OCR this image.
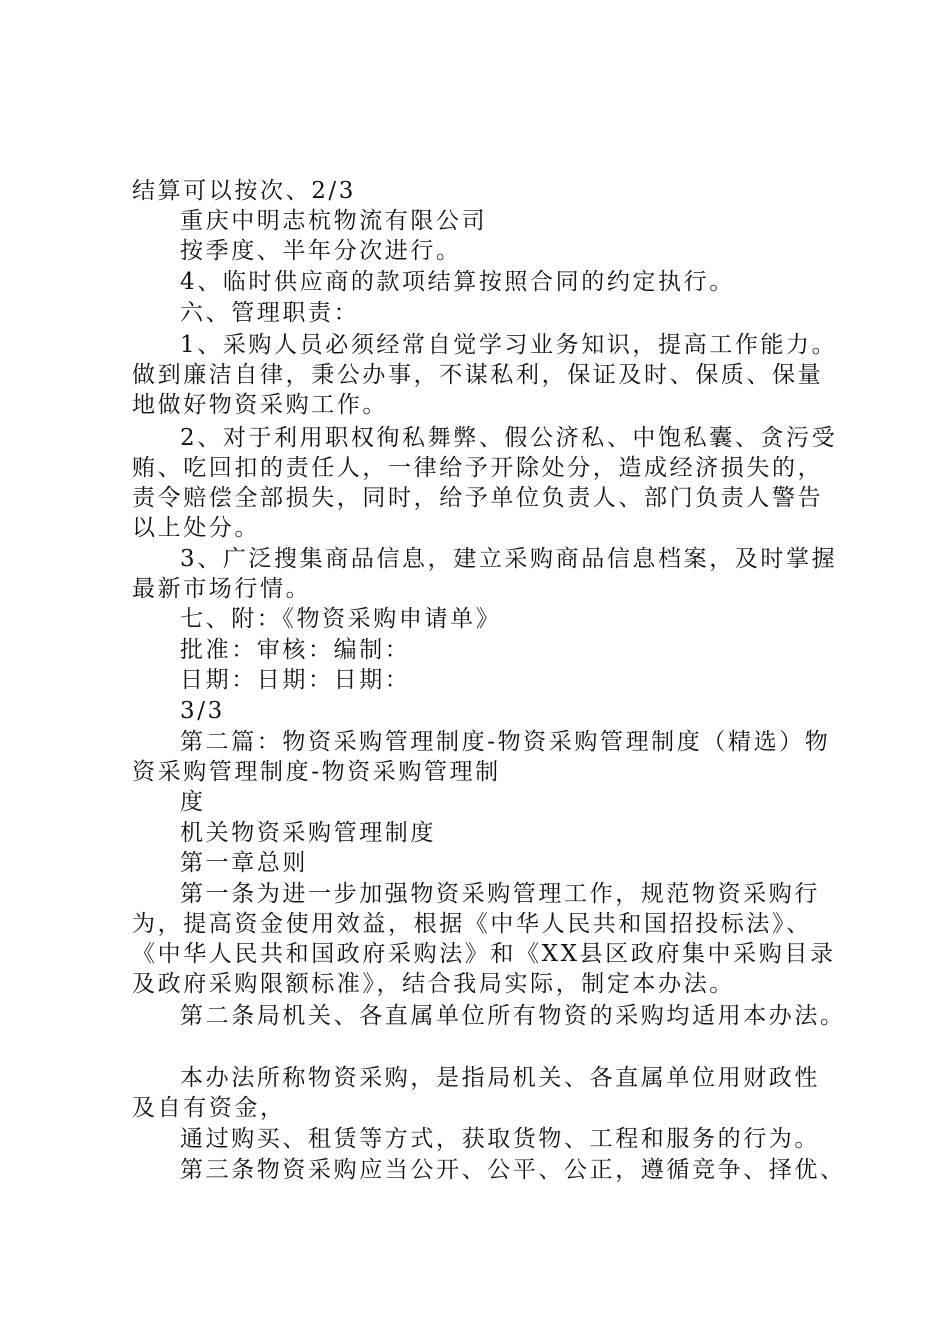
结算可以按次、2/3
重庆中明志杭物流有限公司
按季度、半年分次进行。
4、临时供应商的款项结算按照合同的约定执行。
六、管理职责：
1、采购人员必须经常自觉学习业务知识，提高工作能力。
做到廉洁自律，秉公办事，不谋私利，保证及时、保质、保量
地做好物资采购工作。
2、对于利用职权徇私舞弊、假公济私、中饱私囊、贪污受
贿、吃回扣的责任人，一律给予开除处分，造成经济损失的，
责令赔偿全部损失，同时，给予单位负责人、部门负责人警告
以上处分。
3、广泛搜集商品信息，建立采购商品信息档案，及时掌握
最新市场行情。
七、附：《物资采购申请单》
批准：审核：编制：
日期：日期：日期：
3/3
第二篇：物资采购管理制度-物资采购管理制度（精选）物
资采购管理制度-物资采购管理制
度
机关物资采购管理制度
第一章总则
第一条为进一步加强物资采购管理工作，规范物资采购行
为，提高资金使用效益，根据《中华人民共和国招投标法》、
《中华人民共和国政府采购法》和《XX县区政府集中采购目录
及政府采购限额标准》，结合我局实际，制定本办法。
第二条局机关、各直属单位所有物资的采购均适用本办法。
本办法所称物资采购，是指局机关、各直属单位用财政性
及自有资金，
通过购买、租赁等方式，获取货物、工程和服务的行为。
第三条物资采购应当公开、公平、公正，遵循竞争、择优、
